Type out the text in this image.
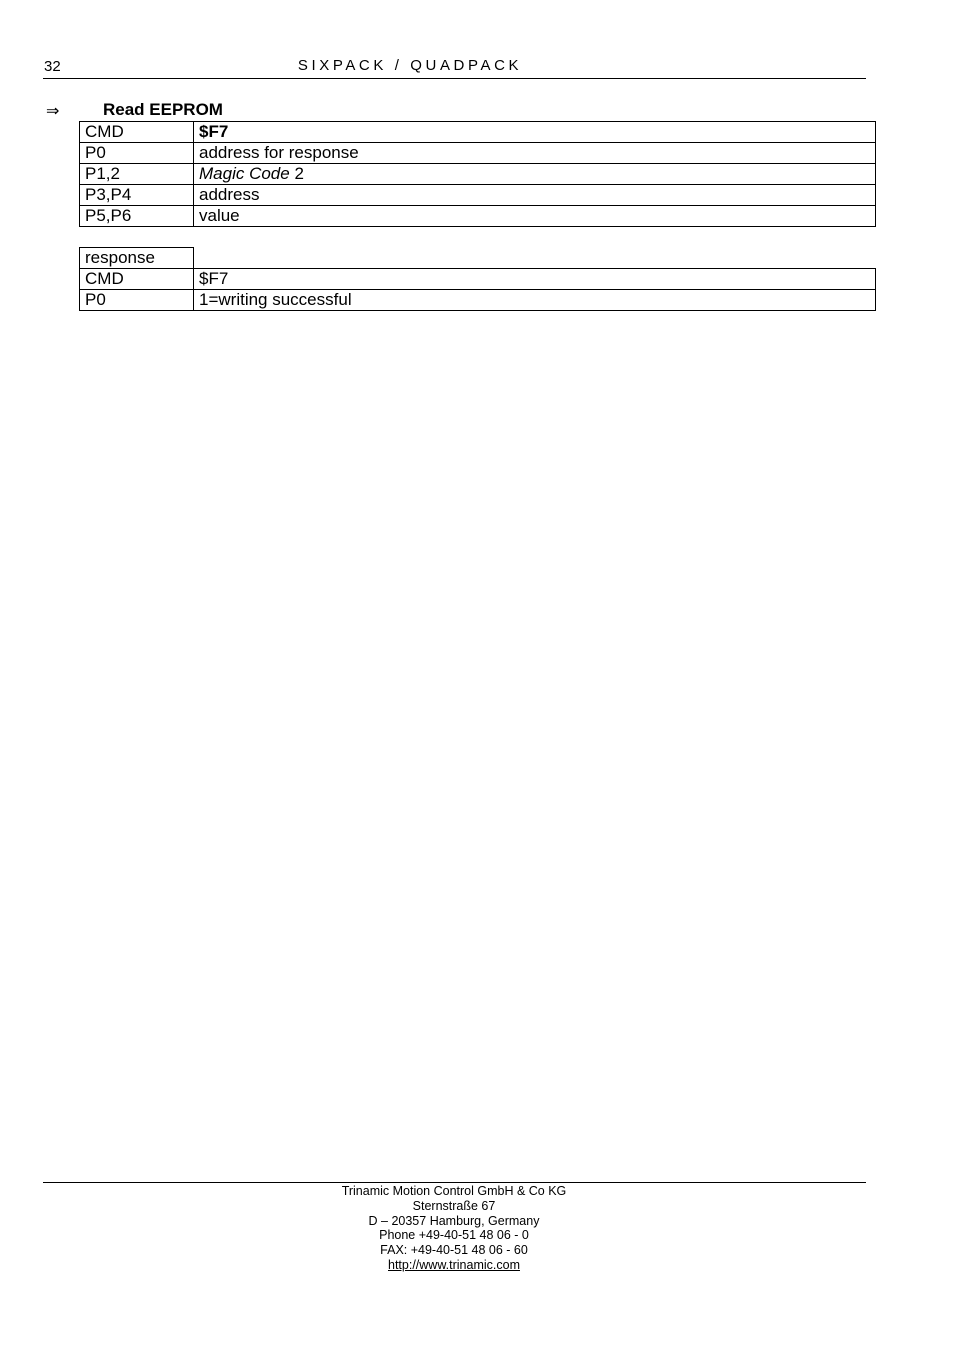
32	SIXPACK / QUADPACK
⇒	Read EEPROM
CMD	$F7
P0	address for response
P1,2	Magic Code 2
P3,P4	address
P5,P6	value
response	
CMD	$F7
P0	1=writing successful
Trinamic Motion Control GmbH & Co KG
Sternstraße 67
D – 20357 Hamburg, Germany
Phone +49-40-51 48 06 - 0
FAX: +49-40-51 48 06 - 60
http://www.trinamic.com
